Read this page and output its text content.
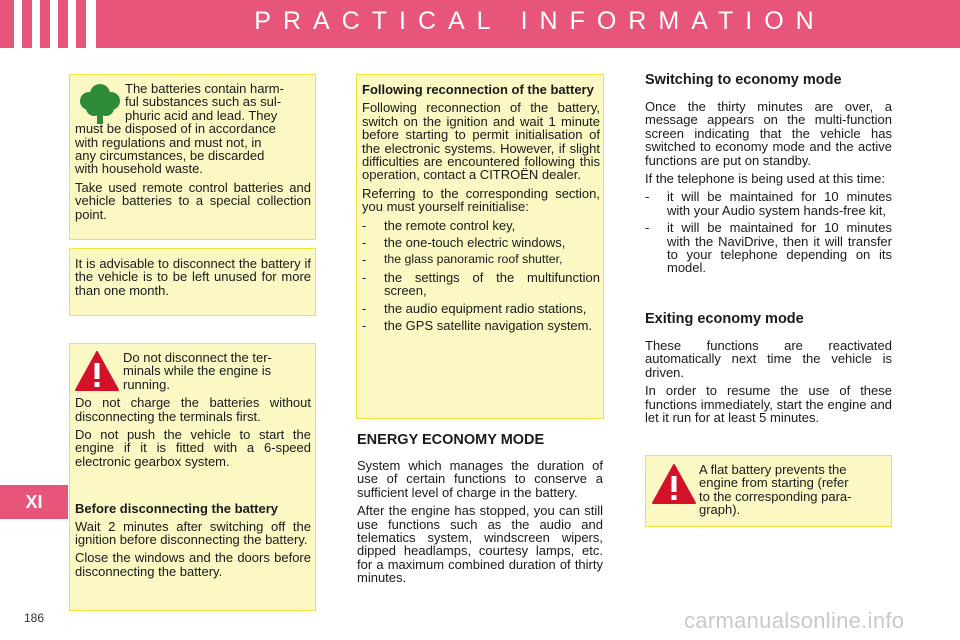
PRACTICAL INFORMATION
XI
186	carmanualsonline.info
The batteries contain harm-
ful substances such as sul-
phuric acid and lead. They
must be disposed of in accordance
with regulations and must not, in
any circumstances, be discarded
with household waste.
Take used remote control batteries and vehicle batteries to a special collection point.
It is advisable to disconnect the battery if the vehicle is to be left unused for more than one month.
Do not disconnect the ter-
minals while the engine is
running.
Do not charge the batteries without disconnecting the terminals first.
Do not push the vehicle to start the engine if it is fitted with a 6-speed electronic gearbox system.
Before disconnecting the battery
Wait 2 minutes after switching off the ignition before disconnecting the battery.
Close the windows and the doors before disconnecting the battery.
Following reconnection of the battery
Following reconnection of the battery, switch on the ignition and wait 1 minute before starting to permit initialisation of the electronic systems. However, if slight difficulties are encountered following this operation, contact a CITROËN dealer.
Referring to the corresponding section, you must yourself reinitialise:
-	the remote control key,
-	the one-touch electric windows,
-	the glass panoramic roof shutter,
-	the settings of the multifunction screen,
-	the audio equipment radio stations,
-	the GPS satellite navigation system.
ENERGY ECONOMY MODE
System which manages the duration of use of certain functions to conserve a sufficient level of charge in the battery.
After the engine has stopped, you can still use functions such as the audio and telematics system, windscreen wipers, dipped headlamps, courtesy lamps, etc. for a maximum combined duration of thirty minutes.
Switching to economy mode
Once the thirty minutes are over, a message appears on the multi-function screen indicating that the vehicle has switched to economy mode and the active functions are put on standby.
If the telephone is being used at this time:
-	it will be maintained for 10 minutes with your Audio system hands-free kit,
-	it will be maintained for 10 minutes with the NaviDrive, then it will transfer to your telephone depending on its model.
Exiting economy mode
These functions are reactivated automatically next time the vehicle is driven.
In order to resume the use of these functions immediately, start the engine and let it run for at least 5 minutes.
A flat battery prevents the
engine from starting (refer
to the corresponding para-
graph).
